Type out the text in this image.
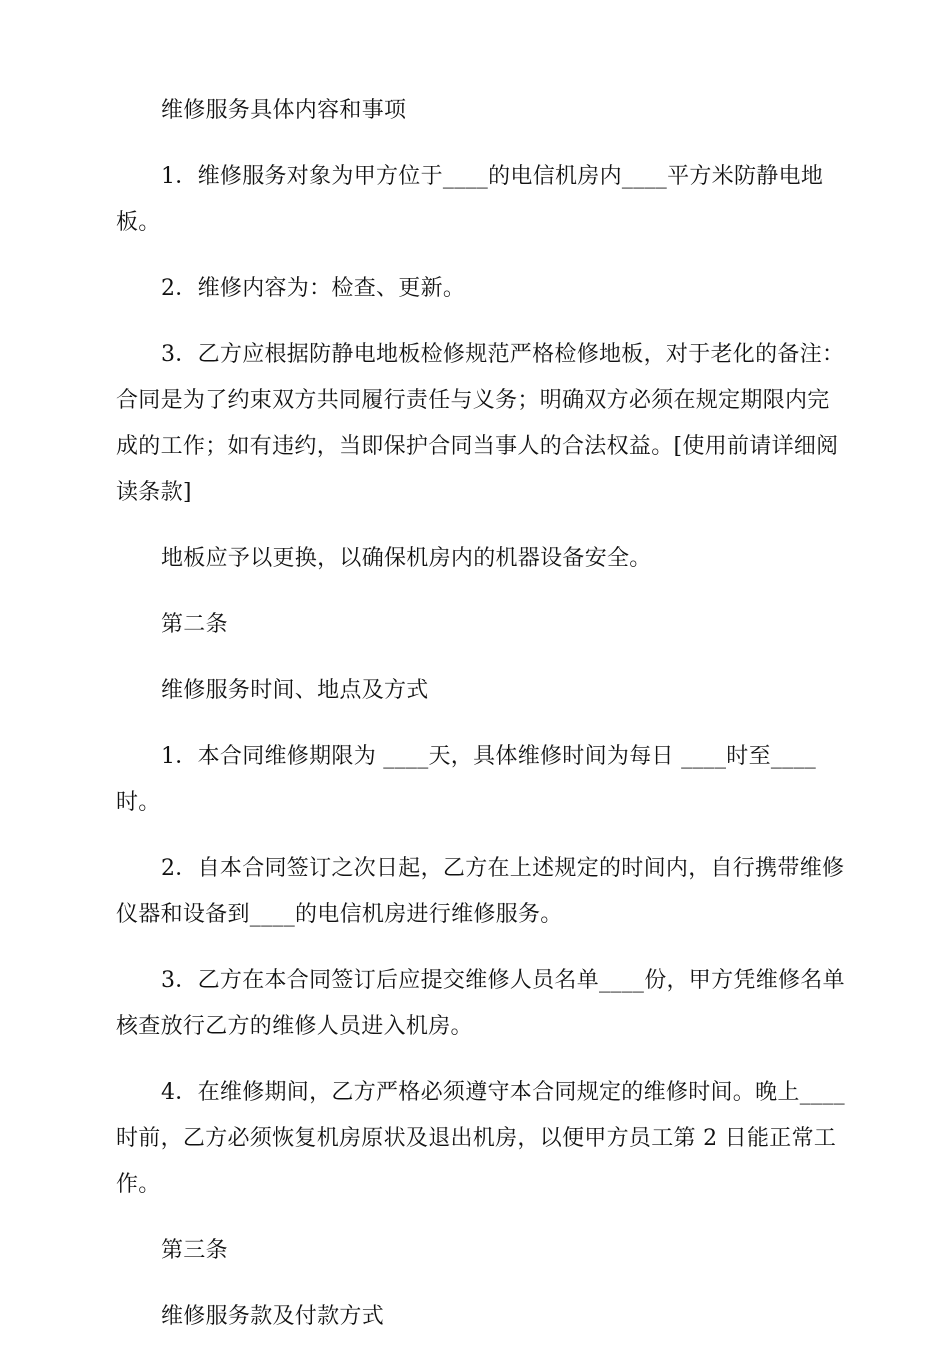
维修服务具体内容和事项

1．维修服务对象为甲方位于____的电信机房内____平方米防静电地板。

2．维修内容为：检查、更新。

3．乙方应根据防静电地板检修规范严格检修地板，对于老化的备注：合同是为了约束双方共同履行责任与义务；明确双方必须在规定期限内完成的工作；如有违约，当即保护合同当事人的合法权益。[使用前请详细阅读条款]

地板应予以更换，以确保机房内的机器设备安全。

第二条

维修服务时间、地点及方式

1．本合同维修期限为 ____天，具体维修时间为每日 ____时至____时。

2．自本合同签订之次日起，乙方在上述规定的时间内，自行携带维修仪器和设备到____的电信机房进行维修服务。

3．乙方在本合同签订后应提交维修人员名单____份，甲方凭维修名单核查放行乙方的维修人员进入机房。

4．在维修期间，乙方严格必须遵守本合同规定的维修时间。晚上____时前，乙方必须恢复机房原状及退出机房，以便甲方员工第 2 日能正常工作。

第三条

维修服务款及付款方式
